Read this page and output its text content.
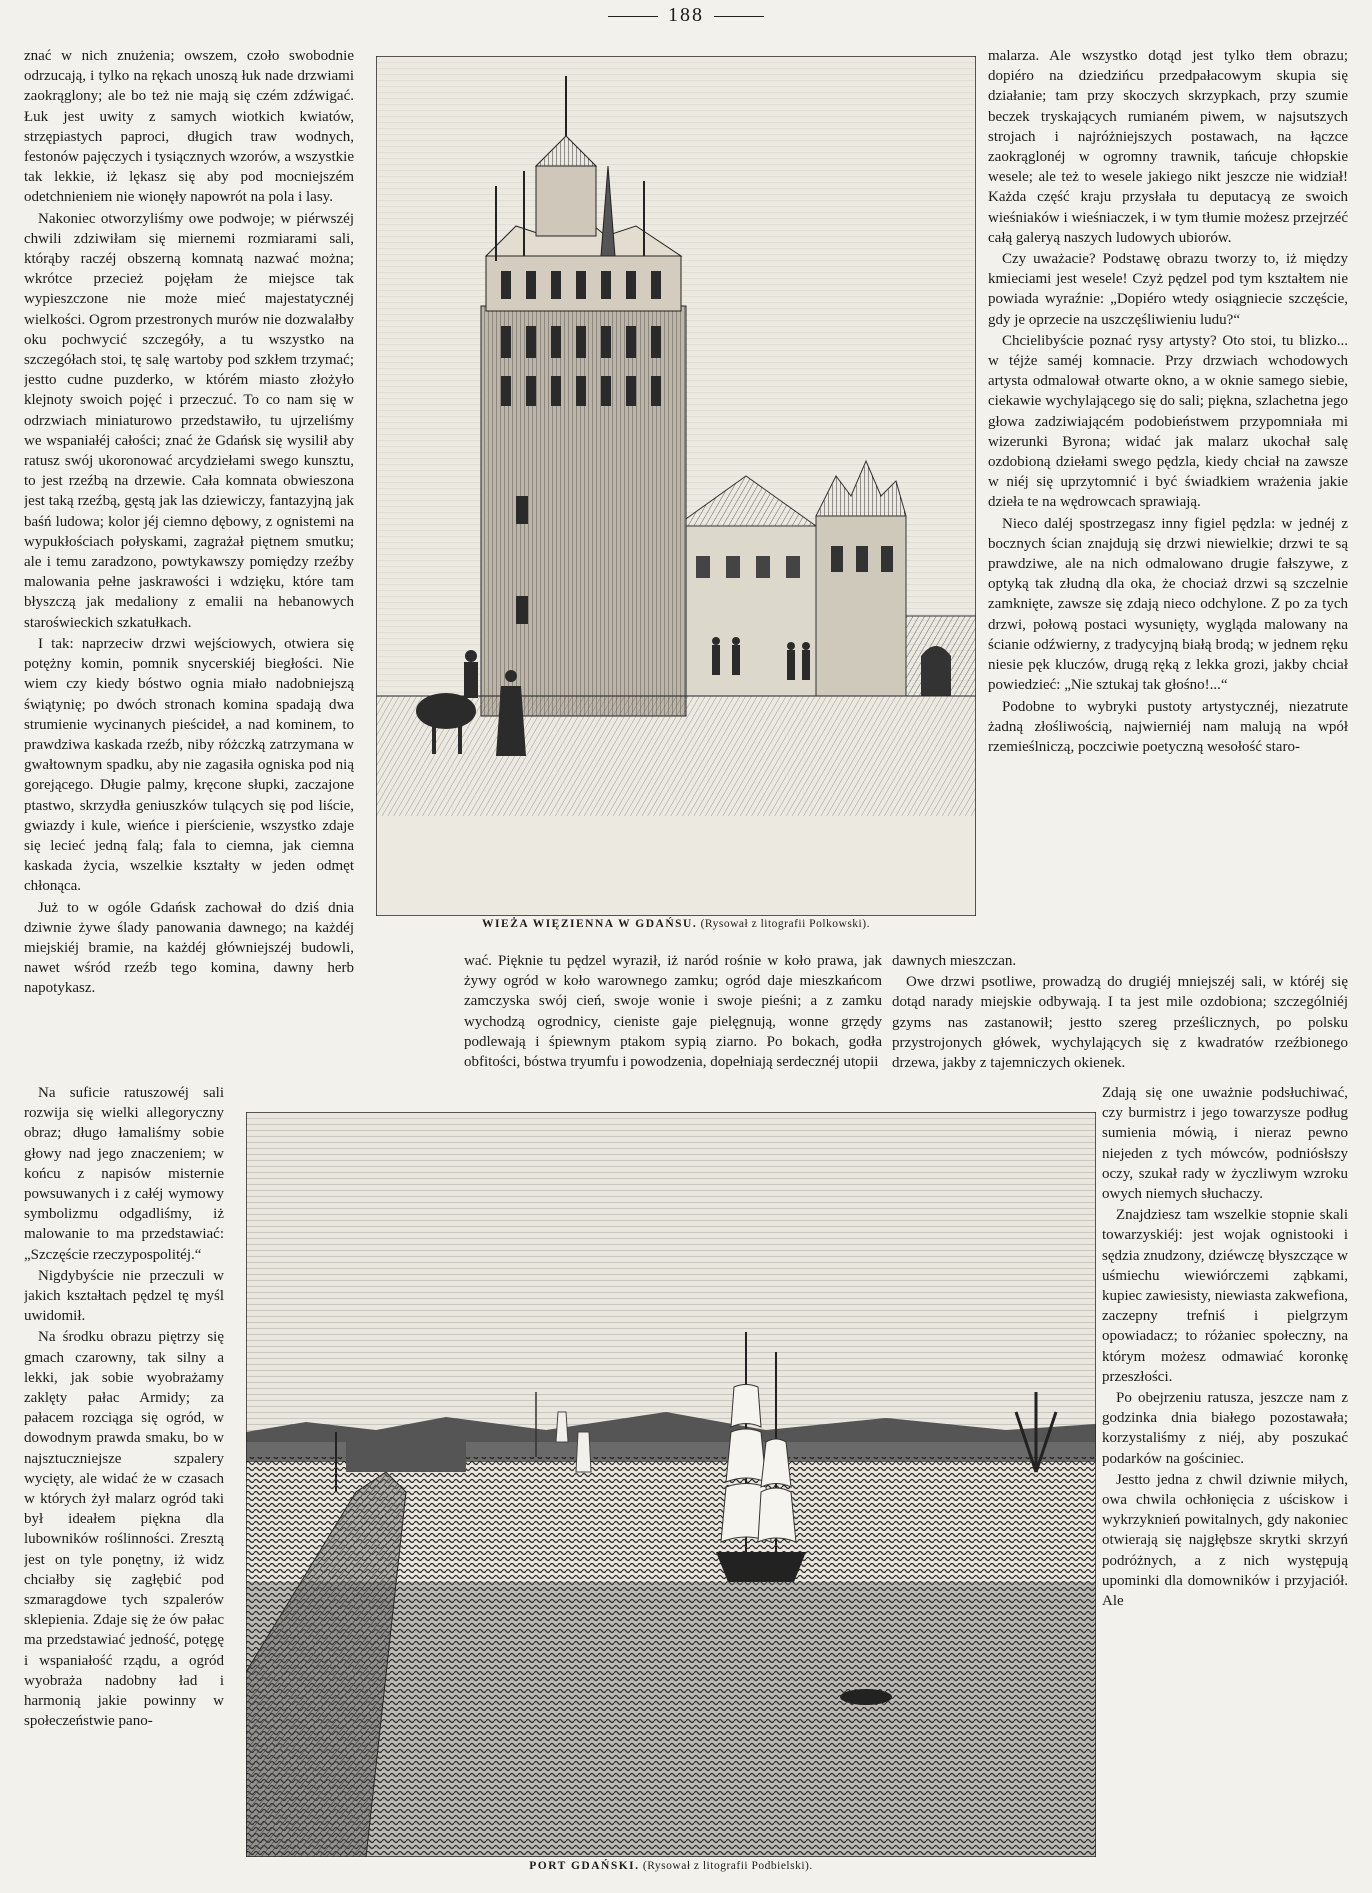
188

znać w nich znużenia; owszem, czoło swobodnie odrzucają, i tylko na rękach unoszą łuk nade drzwiami zaokrąglony; ale bo też nie mają się czém zdźwigać. Łuk jest uwity z samych wiotkich kwiatów, strzępiastych paproci, długich traw wodnych, festonów pajęczych i tysiącznych wzorów, a wszystkie tak lekkie, iż lękasz się aby pod mocniejszém odetchnieniem nie wionęły napowrót na pola i lasy.

Nakoniec otworzyliśmy owe podwoje; w piérwszéj chwili zdziwiłam się miernemi rozmiarami sali, którąby raczéj obszerną komnatą nazwać można; wkrótce przecież pojęłam że miejsce tak wypieszczone nie może mieć majestatycznéj wielkości. Ogrom przestronych murów nie dozwalałby oku pochwycić szczegóły, a tu wszystko na szczegółach stoi, tę salę wartoby pod szkłem trzymać; jestto cudne puzderko, w którém miasto złożyło klejnoty swoich pojęć i przeczuć. To co nam się w odrzwiach miniaturowo przedstawiło, tu ujrzeliśmy we wspaniałéj całości; znać że Gdańsk się wysilił aby ratusz swój ukoronować arcydziełami swego kunsztu, to jest rzeźbą na drzewie. Cała komnata obwieszona jest taką rzeźbą, gęstą jak las dziewiczy, fantazyjną jak baśń ludowa; kolor jéj ciemno dębowy, z ognistemi na wypukłościach połyskami, zagrażał piętnem smutku; ale i temu zaradzono, powtykawszy pomiędzy rzeźby malowania pełne jaskrawości i wdzięku, które tam błyszczą jak medaliony z emalii na hebanowych staroświeckich szkatułkach.

I tak: naprzeciw drzwi wejściowych, otwiera się potężny komin, pomnik snycerskiéj biegłości. Nie wiem czy kiedy bóstwo ognia miało nadobniejszą świątynię; po dwóch stronach komina spadają dwa strumienie wycinanych pieścideł, a nad kominem, to prawdziwa kaskada rzeźb, niby różczką zatrzymana w gwałtownym spadku, aby nie zagasiła ogniska pod nią gorejącego. Długie palmy, kręcone słupki, zaczajone ptastwo, skrzydła geniuszków tulących się pod liście, gwiazdy i kule, wieńce i pierścienie, wszystko zdaje się lecieć jedną falą; fala to ciemna, jak ciemna kaskada życia, wszelkie kształty w jeden odmęt chłonąca.

Już to w ogóle Gdańsk zachował do dziś dnia dziwnie żywe ślady panowania dawnego; na każdéj miejskiéj bramie, na każdéj główniejszéj budowli, nawet wśród rzeźb tego komina, dawny herb napotykasz.

Na suficie ratuszowéj sali rozwija się wielki allegoryczny obraz; długo łamaliśmy sobie głowy nad jego znaczeniem; w końcu z napisów misternie powsuwanych i z całéj wymowy symbolizmu odgadliśmy, iż malowanie to ma przedstawiać: „Szczęście rzeczypospolitéj.“

Nigdybyście nie przeczuli w jakich kształtach pędzel tę myśl uwidomił.

Na środku obrazu piętrzy się gmach czarowny, tak silny a lekki, jak sobie wyobrażamy zaklęty pałac Armidy; za pałacem rozciąga się ogród, w dowodnym prawda smaku, bo w najsztuczniejsze szpalery wycięty, ale widać że w czasach w których żył malarz ogród taki był ideałem piękna dla lubowników roślinności. Zresztą jest on tyle ponętny, iż widz chciałby się zagłębić pod szmaragdowe tych szpalerów sklepienia. Zdaje się że ów pałac ma przedstawiać jedność, potęgę i wspaniałość rządu, a ogród wyobraża nadobny ład i harmonią jakie powinny w społeczeństwie pano-

wać. Pięknie tu pędzel wyraził, iż naród rośnie w koło prawa, jak żywy ogród w koło warownego zamku; ogród daje mieszkańcom zamczyska swój cień, swoje wonie i swoje pieśni; a z zamku wychodzą ogrodnicy, cieniste gaje pielęgnują, wonne grzędy podlewają i śpiewnym ptakom sypią ziarno. Po bokach, godła obfitości, bóstwa tryumfu i powodzenia, dopełniają serdecznéj utopii

malarza. Ale wszystko dotąd jest tylko tłem obrazu; dopiéro na dziedzińcu przedpałacowym skupia się działanie; tam przy skoczych skrzypkach, przy szumie beczek tryskających rumianém piwem, w najsutszych strojach i najróżniejszych postawach, na łączce zaokrąglonéj w ogromny trawnik, tańcuje chłopskie wesele; ale też to wesele jakiego nikt jeszcze nie widział! Każda część kraju przysłała tu deputacyą ze swoich wieśniaków i wieśniaczek, i w tym tłumie możesz przejrzéć całą galeryą naszych ludowych ubiorów.

Czy uważacie? Podstawę obrazu tworzy to, iż między kmieciami jest wesele! Czyż pędzel pod tym kształtem nie powiada wyraźnie: „Dopiéro wtedy osiągniecie szczęście, gdy je oprzecie na uszczęśliwieniu ludu?“

Chcielibyście poznać rysy artysty? Oto stoi, tu blizko... w téjże saméj komnacie. Przy drzwiach wchodowych artysta odmalował otwarte okno, a w oknie samego siebie, ciekawie wychylającego się do sali; piękna, szlachetna jego głowa zadziwiającém podobieństwem przypomniała mi wizerunki Byrona; widać jak malarz ukochał salę ozdobioną dziełami swego pędzla, kiedy chciał na zawsze w niéj się uprzytomnić i być świadkiem wrażenia jakie dzieła te na wędrowcach sprawiają.

Nieco daléj spostrzegasz inny figiel pędzla: w jednéj z bocznych ścian znajdują się drzwi niewielkie; drzwi te są prawdziwe, ale na nich odmalowano drugie fałszywe, z optyką tak złudną dla oka, że chociaż drzwi są szczelnie zamknięte, zawsze się zdają nieco odchylone. Z po za tych drzwi, połową postaci wysunięty, wygląda malowany na ścianie odźwierny, z tradycyjną białą brodą; w jednem ręku niesie pęk kluczów, drugą ręką z lekka grozi, jakby chciał powiedzieć: „Nie sztukaj tak głośno!...“

Podobne to wybryki pustoty artystycznéj, niezatrute żadną złośliwością, najwierniéj nam malują na wpół rzemieślniczą, poczciwie poetyczną wesołość staro-

dawnych mieszczan.

Owe drzwi psotliwe, prowadzą do drugiéj mniejszéj sali, w któréj się dotąd narady miejskie odbywają. I ta jest mile ozdobiona; szczególniéj gzyms nas zastanowił; jestto szereg prześlicznych, po polsku przystrojonych główek, wychylających się z kwadratów rzeźbionego drzewa, jakby z tajemniczych okienek.

Zdają się one uważnie podsłuchiwać, czy burmistrz i jego towarzysze podług sumienia mówią, i nieraz pewno niejeden z tych mówców, podniósłszy oczy, szukał rady w życzliwym wzroku owych niemych słuchaczy.

Znajdziesz tam wszelkie stopnie skali towarzyskiéj: jest wojak ognistooki i sędzia znudzony, dziéwczę błyszczące w uśmiechu wiewiórczemi ząbkami, kupiec zawiesisty, niewiasta zakwefiona, zaczepny trefniś i pielgrzym opowiadacz; to różaniec społeczny, na którym możesz odmawiać koronkę przeszłości.

Po obejrzeniu ratusza, jeszcze nam z godzinka dnia białego pozostawała; korzystaliśmy z niéj, aby poszukać podarków na gościniec.

Jestto jedna z chwil dziwnie miłych, owa chwila ochłonięcia z uściskow i wykrzyknień powitalnych, gdy nakoniec otwierają się najgłębsze skrytki skrzyń podróżnych, a z nich występują upominki dla domowników i przyjaciół. Ale

WIEŻA WIĘZIENNA W GDAŃSU. (Rysował z litografii Polkowski).
PORT GDAŃSKI. (Rysował z litografii Podbielski).
